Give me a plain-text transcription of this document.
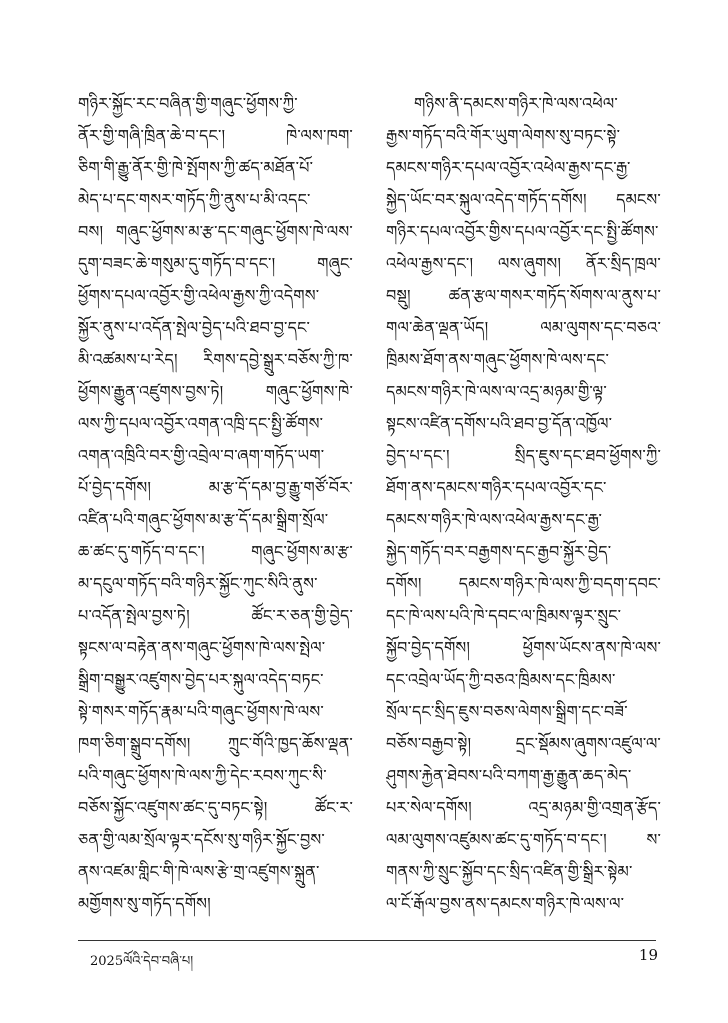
གཉིར་སྐྱོང་རང་བཞིན་གྱི་གཞུང་ཕྱོགས་ཀྱི་
ནོར་གྱི་གཞི་ཁྲིན་ཆེ་བ་དང་། ཁེ་ལས་ཁག་
ཅིག་གི་རྒྱུ་ནོར་གྱི་ཁེ་སྤོགས་ཀྱི་ཚད་མཐོན་པོ་
མེད་པ་དང་གསར་གཏོད་ཀྱི་ནུས་པ་མི་འདང་
བས། གཞུང་ཕྱོགས་མ་རྩ་དང་གཞུང་ཕྱོགས་ཁེ་ལས་
དུག་བཟང་ཆེ་གསུམ་དུ་གཏོད་བ་དང་། གཞུང་
ཕྱོགས་དཔལ་འབྱོར་གྱི་འཕེལ་རྒྱས་ཀྱི་འདེགས་
སྐྱོར་ནུས་པ་འདོན་སྤེལ་བྱེད་པའི་ཐབ་བྱ་དང་
མི་འཚམས་པ་རེད། རིགས་དབྱེ་སྒྲུར་བཅོས་ཀྱི་ཁ་
ཕྱོགས་རྒྱུན་འཛུགས་བྱས་ཏེ། གཞུང་ཕྱོགས་ཁེ་
ལས་ཀྱི་དཔལ་འབྱོར་འགན་འཁྲི་དང་སྤྱི་ཚོགས་
འགན་འཁྲིའི་བར་གྱི་འབྲེལ་བ་ཞག་གཏོད་ཡག་
པོ་བྱེད་དགོས། མ་རྩ་དོ་དམ་བྱ་རྒྱུ་གཙོ་བོར་
འཛིན་པའི་གཞུང་ཕྱོགས་མ་རྩ་དོ་དམ་སྒྲིག་སྲོལ་
ཆ་ཚང་དུ་གཏོད་བ་དང་། གཞུང་ཕྱོགས་མ་རྩ་
མ་དངུལ་གཏོད་བའི་གཉིར་སྐྱོང་ཀུང་སིའི་ནུས་
པ་འདོན་སྤེལ་བྱས་ཏེ། ཚོང་ར་ཅན་གྱི་བྱེད་
སྟངས་ལ་བརྟེན་ནས་གཞུང་ཕྱོགས་ཁེ་ལས་སྤེལ་
སྒྲིག་བསྒྱུར་འཛུགས་བྱེད་པར་སྐུལ་འདེད་བཏང་
སྟེ་གསར་གཏོད་རྣམ་པའི་གཞུང་ཕྱོགས་ཁེ་ལས་
ཁག་ཅིག་སྒྲུབ་དགོས། ཀྲུང་གོའི་ཁྱད་ཆོས་ལྡན་
པའི་གཞུང་ཕྱོགས་ཁེ་ལས་ཀྱི་དེང་རབས་ཀུང་སི་
བཅོས་སྐྱོང་འཛུགས་ཚང་དུ་བཏང་སྟེ། ཚོང་ར་
ཅན་གྱི་ལམ་སྲོལ་ལྟར་དངོས་སུ་གཉིར་སྐྱོང་བྱས་
ནས་འཛམ་གླིང་གི་ཁེ་ལས་རྩེ་གྲ་འཛུགས་སྐྲུན་
མགྱོགས་སུ་གཏོད་དགོས།
གཉིས་ནི་དམངས་གཉིར་ཁེ་ལས་འཕེལ་
རྒྱས་གཏོད་བའི་གོར་ཡུག་ལེགས་སུ་བཏང་སྟེ་
དམངས་གཉིར་དཔལ་འབྱོར་འཕེལ་རྒྱས་དང་རྒྱ་
སྐྱེད་ཡོང་བར་སྐུལ་འདེད་གཏོད་དགོས། དམངས་
གཉིར་དཔལ་འབྱོར་གྱིས་དཔལ་འབྱོར་དང་སྤྱི་ཚོགས་
འཕེལ་རྒྱས་དང་། ལས་ཞུགས། ནོར་སྲིད་ཁྲལ་
བསྡུ། ཚན་རྩལ་གསར་གཏོད་སོགས་ལ་ནུས་པ་
གལ་ཆེན་ལྡན་ཡོད། ལམ་ལུགས་དང་བཅའ་
ཁྲིམས་ཐོག་ནས་གཞུང་ཕྱོགས་ཁེ་ལས་དང་
དམངས་གཉིར་ཁེ་ལས་ལ་འདྲ་མཉམ་གྱི་ལྟ་
སྟངས་འཛིན་དགོས་པའི་ཐབ་བྱ་དོན་འཁྱོལ་
བྱེད་པ་དང་། སྲིད་ཇུས་དང་ཐབ་ཕྱོགས་ཀྱི་
ཐོག་ནས་དམངས་གཉིར་དཔལ་འབྱོར་དང་
དམངས་གཉིར་ཁེ་ལས་འཕེལ་རྒྱས་དང་རྒྱ་
སྐྱེད་གཏོད་བར་བརྒྱགས་དང་རྒྱབ་སྐྱོར་བྱེད་
དགོས། དམངས་གཉིར་ཁེ་ལས་ཀྱི་བདག་དབང་
དང་ཁེ་ལས་པའི་ཁེ་དབང་ལ་ཁྲིམས་ལྟར་སྲུང་
སྐྱོབ་བྱེད་དགོས། ཕྱོགས་ཡོངས་ནས་ཁེ་ལས་
དང་འབྲེལ་ཡོད་ཀྱི་བཅའ་ཁྲིམས་དང་ཁྲིམས་
སྲོལ་དང་སྲིད་ཇུས་བཅས་ལེགས་སྒྲིག་དང་བཟོ་
བཅོས་བརྒྱབ་སྟེ། དྲང་སྡོམས་ཞུགས་འཛུལ་ལ་
ཤུགས་རྐྱེན་ཐེབས་པའི་བཀག་རྒྱ་རྒྱུན་ཆད་མེད་
པར་སེལ་དགོས། འདྲ་མཉམ་གྱི་འགྲན་རྩོད་
ལམ་ལུགས་འཛུམས་ཚང་དུ་གཏོད་བ་དང་། ས་
གནས་ཀྱི་སྲུང་སྐྱོབ་དང་སྲིད་འཛིན་གྱི་སྒྲིར་སྟེམ་
ལ་ངོ་རྒོལ་བྱས་ནས་དམངས་གཉིར་ཁེ་ལས་ལ་
2025ལོའི་དེབ་བཞི་པ།	19
